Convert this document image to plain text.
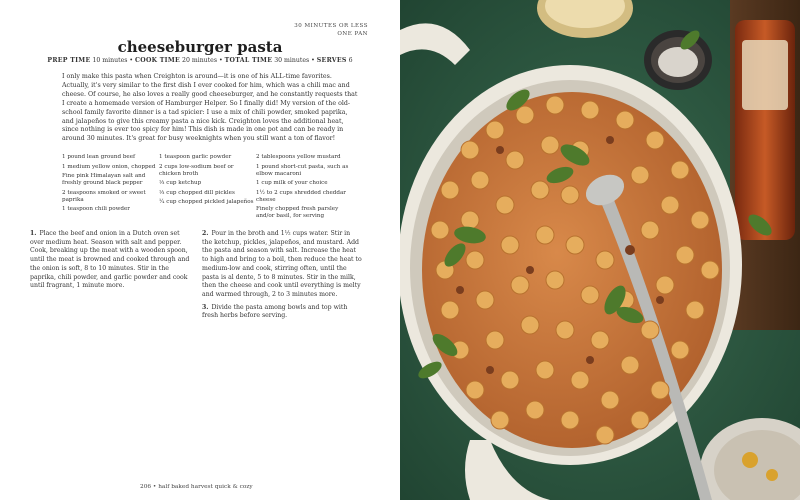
30 MINUTES OR LESS
ONE PAN
cheeseburger pasta
PREP TIME 10 minutes • COOK TIME 20 minutes • TOTAL TIME 30 minutes • SERVES 6
I only make this pasta when Creighton is around—it is one of his ALL-time favorites. Actually, it's very similar to the first dish I ever cooked for him, which was a chili mac and cheese. Of course, he also loves a really good cheeseburger, and he constantly requests that I create a homemade version of Hamburger Helper. So I finally did! My version of the old-school family favorite dinner is a tad spicier: I use a mix of chili powder, smoked paprika, and jalapeños to give this creamy pasta a nice kick. Creighton loves the additional heat, since nothing is ever too spicy for him! This dish is made in one pot and can be ready in around 30 minutes. It's great for busy weeknights when you still want a ton of flavor!
1 pound lean ground beef
1 medium yellow onion, chopped
Fine pink Himalayan salt and freshly ground black pepper
2 teaspoons smoked or sweet paprika
1 teaspoon chili powder
1 teaspoon garlic powder
2 cups low-sodium beef or chicken broth
⅓ cup ketchup
⅓ cup chopped dill pickles
¼ cup chopped pickled jalapeños
2 tablespoons yellow mustard
1 pound short-cut pasta, such as elbow macaroni
1 cup milk of your choice
1½ to 2 cups shredded cheddar cheese
Finely chopped fresh parsley and/or basil, for serving
1. Place the beef and onion in a Dutch oven set over medium heat. Season with salt and pepper. Cook, breaking up the meat with a wooden spoon, until the meat is browned and cooked through and the onion is soft, 8 to 10 minutes. Stir in the paprika, chili powder, and garlic powder and cook until fragrant, 1 minute more.
2. Pour in the broth and 1½ cups water. Stir in the ketchup, pickles, jalapeños, and mustard. Add the pasta and season with salt. Increase the heat to high and bring to a boil, then reduce the heat to medium-low and cook, stirring often, until the pasta is al dente, 5 to 8 minutes. Stir in the milk, then the cheese and cook until everything is melty and warmed through, 2 to 3 minutes more.
3. Divide the pasta among bowls and top with fresh herbs before serving.
206 • half baked harvest quick & cozy
